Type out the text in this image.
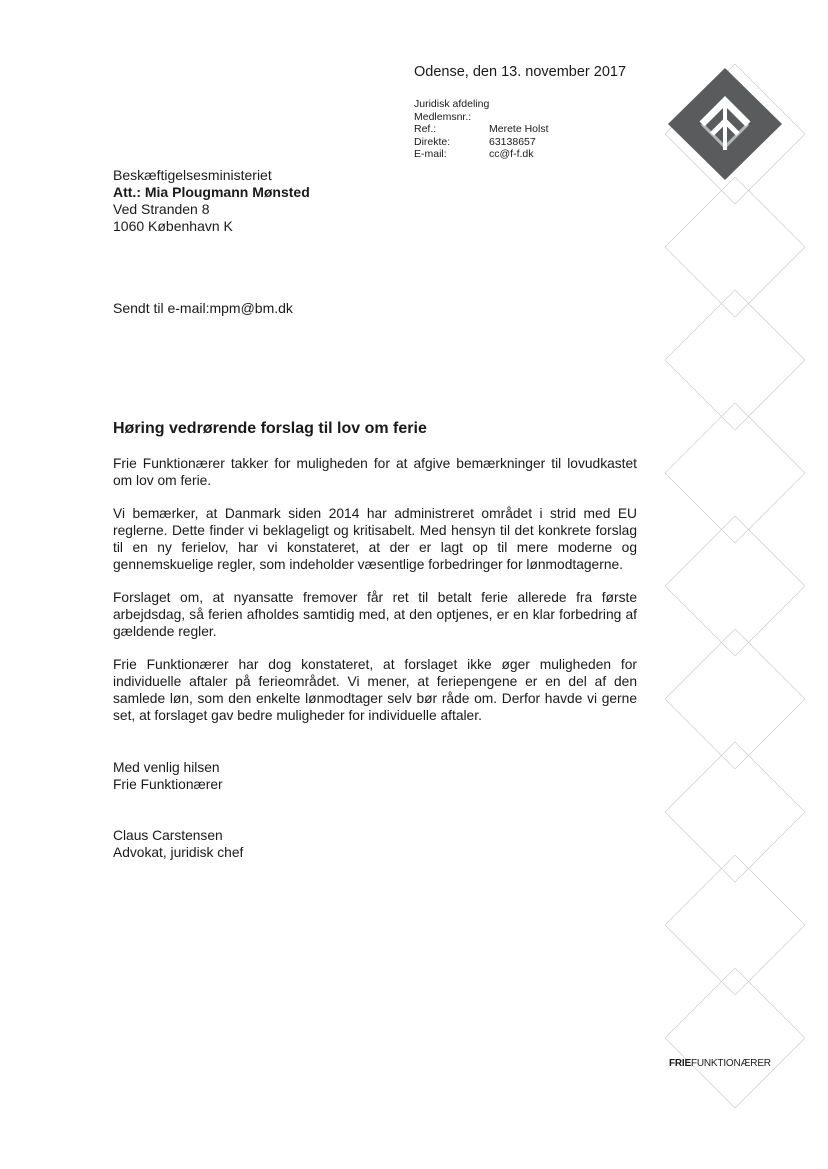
Odense, den 13. november 2017
Juridisk afdeling
Medlemsnr.:
Ref.:	Merete Holst
Direkte:	63138657
E-mail:	cc@f-f.dk
Beskæftigelsesministeriet
Att.: Mia Plougmann Mønsted
Ved Stranden 8
1060 København K
Sendt til e-mail:mpm@bm.dk
Høring vedrørende forslag til lov om ferie

Frie Funktionærer takker for muligheden for at afgive bemærkninger til lovudkastet om lov om ferie.

Vi bemærker, at Danmark siden 2014 har administreret området i strid med EU reglerne. Dette finder vi beklageligt og kritisabelt. Med hensyn til det konkrete forslag til en ny ferielov, har vi konstateret, at der er lagt op til mere moderne og gennemskuelige regler, som indeholder væsentlige forbedringer for lønmodtagerne.

Forslaget om, at nyansatte fremover får ret til betalt ferie allerede fra første arbejdsdag, så ferien afholdes samtidig med, at den optjenes, er en klar forbedring af gældende regler.

Frie Funktionærer har dog konstateret, at forslaget ikke øger muligheden for individuelle aftaler på ferieområdet. Vi mener, at feriepengene er en del af den samlede løn, som den enkelte lønmodtager selv bør råde om. Derfor havde vi gerne set, at forslaget gav bedre muligheder for individuelle aftaler.

Med venlig hilsen
Frie Funktionærer
Claus Carstensen
Advokat, juridisk chef
FRIEFUNKTIONÆRER
